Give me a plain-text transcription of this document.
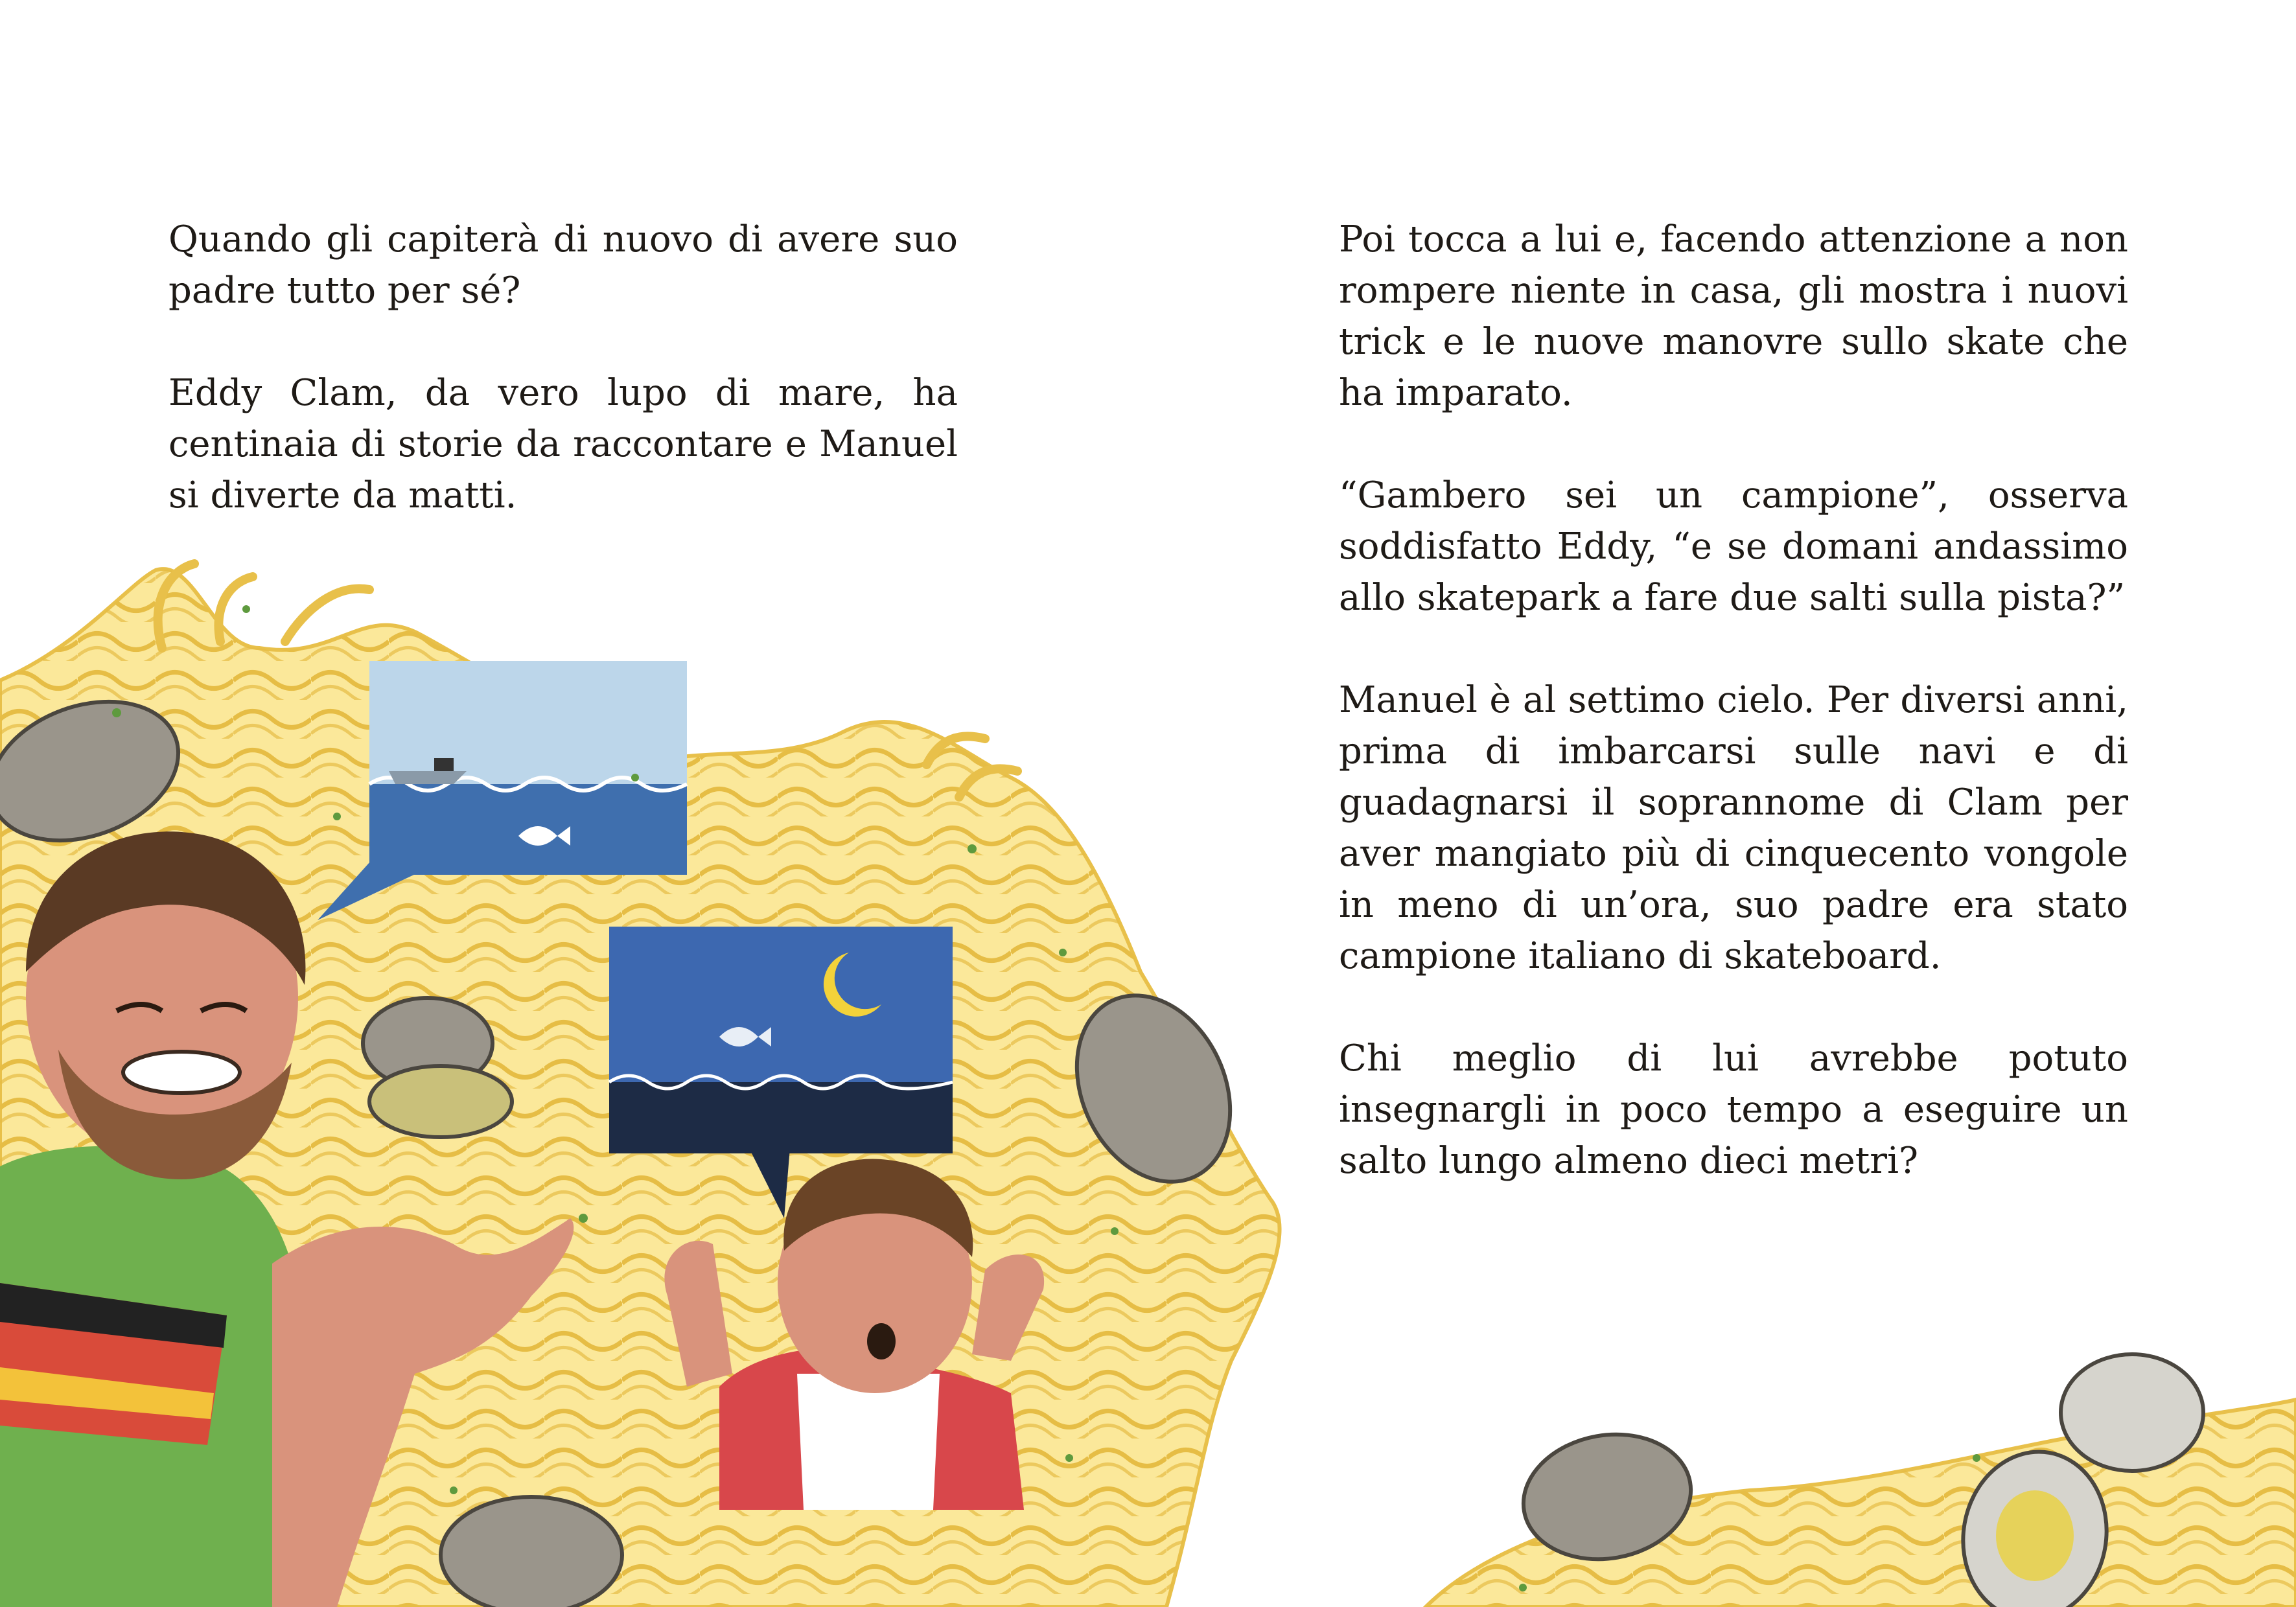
Quando gli capiterà di nuovo di avere suo padre tutto per sé?

Eddy Clam, da vero lupo di mare, ha centinaia di storie da raccontare e Manuel si diverte da matti.

Poi tocca a lui e, facendo attenzione a non rompere niente in casa, gli mostra i nuovi trick e le nuove manovre sullo skate che ha imparato.

“Gambero sei un campione”, osserva soddisfatto Eddy, “e se domani andassimo allo skatepark a fare due salti sulla pista?”

Manuel è al settimo cielo. Per diversi anni, prima di imbarcarsi sulle navi e di guadagnarsi il soprannome di Clam per aver mangiato più di cinquecento vongole in meno di un’ora, suo padre era stato campione italiano di skateboard.

Chi meglio di lui avrebbe potuto insegnargli in poco tempo a eseguire un salto lungo almeno dieci metri?
